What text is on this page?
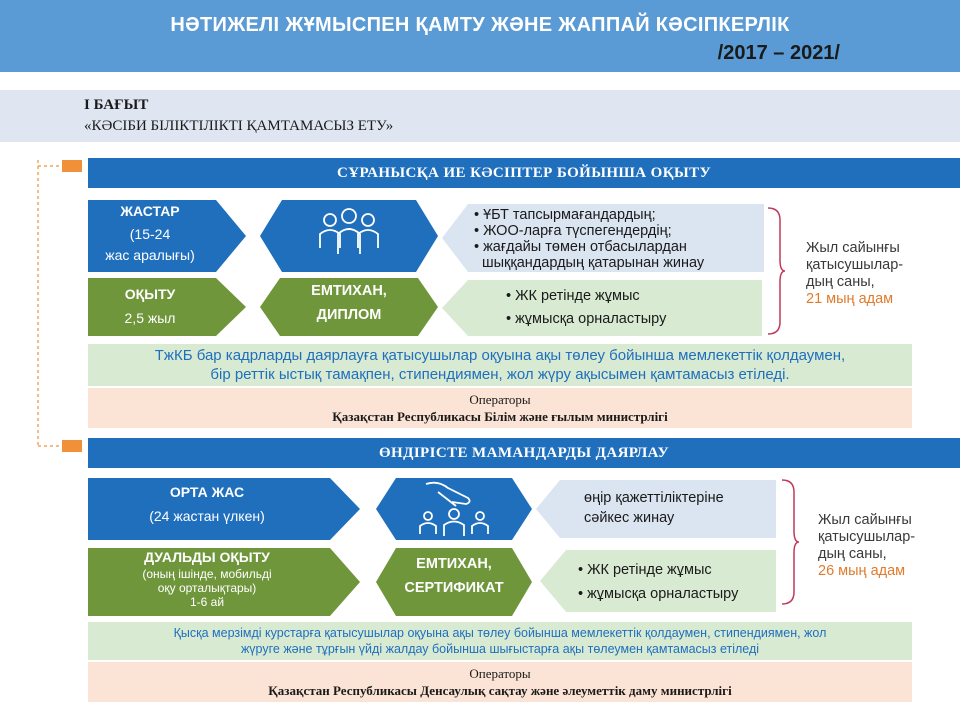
НӘТИЖЕЛІ ЖҰМЫСПЕН ҚАМТУ ЖӘНЕ ЖАППАЙ КӘСІПКЕРЛІК
/2017 – 2021/
І БАҒЫТ
«КӘСІБИ БІЛІКТІЛІКТІ ҚАМТАМАСЫЗ ЕТУ»
СҰРАНЫСҚА ИЕ КӘСІПТЕР БОЙЫНША ОҚЫТУ
ЖАСТАР
(15-24
жас аралығы)
• ҰБТ тапсырмағандардың;
• ЖОО-ларға түспегендердің;
• жағдайы төмен отбасылардан
шыққандардың қатарынан жинау
ОҚЫТУ
2,5 жыл
ЕМТИХАН,
ДИПЛОМ
• ЖК ретінде жұмыс
• жұмысқа орналастыру
Жыл сайынғы
қатысушылар-
дың саны,
21 мың адам
ТжКБ бар кадрларды даярлауға қатысушылар оқуына ақы төлеу бойынша мемлекеттік қолдаумен,
бір реттік ыстық тамақпен, стипендиямен, жол жүру ақысымен қамтамасыз етіледі.
Операторы
Қазақстан Республикасы Білім және ғылым министрлігі
ӨНДІРІСТЕ МАМАНДАРДЫ ДАЯРЛАУ
ОРТА ЖАС
(24 жастан үлкен)
өңір қажеттіліктеріне
сәйкес жинау
ДУАЛЬДЫ ОҚЫТУ
(оның ішінде, мобильді
оқу орталықтары)
1-6 ай
ЕМТИХАН,
СЕРТИФИКАТ
• ЖК ретінде жұмыс
• жұмысқа орналастыру
Жыл сайынғы
қатысушылар-
дың саны,
26 мың адам
Қысқа мерзімді курстарға қатысушылар оқуына ақы төлеу бойынша мемлекеттік қолдаумен, стипендиямен, жол
жүруге және тұрғын үйді жалдау бойынша шығыстарға ақы төлеумен қамтамасыз етіледі
Операторы
Қазақстан Республикасы Денсаулық сақтау және әлеуметтік даму министрлігі
